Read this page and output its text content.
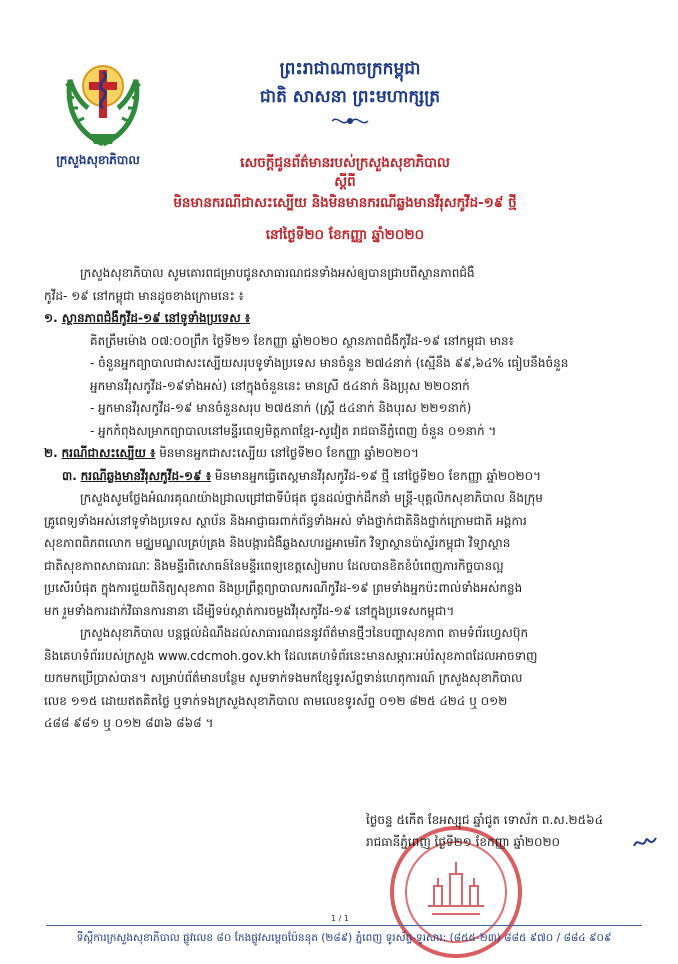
ក្រសួងសុខាភិបាល
ព្រះរាជាណាចក្រកម្ពុជា
ជាតិ សាសនា ព្រះមហាក្សត្រ
សេចក្តីជូនព័ត៌មានរបស់ក្រសួងសុខាភិបាល
ស្តីពី
មិនមានករណីជាសះស្បើយ និងមិនមានករណីឆ្លងមានវីរុសកូវីដ-១៩ ថ្មី
នៅថ្ងៃទី២០ ខែកញ្ញា ឆ្នាំ២០២០
ក្រសួងសុខាភិបាល សូមគោរពជម្រាបជូនសាធារណជនទាំងអស់ឲ្យបានជ្រាបពីស្ថានភាពជំងឺ
កូវីដ- ១៩ នៅកម្ពុជា មានដូចខាងក្រោមនេះ ៖
១. ស្ថានភាពជំងឺកូវីដ-១៩ នៅទូទាំងប្រទេស ៖
គិតត្រឹមម៉ោង ០៧:០០ព្រឹក ថ្ងៃទី២១ ខែកញ្ញា ឆ្នាំ២០២០ ស្ថានភាពជំងឺកូវីដ-១៩ នៅកម្ពុជា មាន៖
- ចំនួនអ្នកព្យាបាលជាសះស្បើយសរុបទូទាំងប្រទេស មានចំនួន ២៧៤នាក់ (ស្មើនឹង ៩៩,៦៤% ធៀបនឹងចំនួន
អ្នកមានវីរុសកូវីដ-១៩ទាំងអស់) នៅក្នុងចំនួននេះ មានស្រី ៥៤នាក់ និងប្រុស ២២០នាក់
- អ្នកមានវីរុសកូវីដ-១៩ មានចំនួនសរុប ២៧៥នាក់ (ស្ត្រី ៥៤នាក់ និងបុរស ២២១នាក់)
- អ្នកកំពុងសម្រាកព្យាបាលនៅមន្ទីរពេទ្យមិត្តភាពខ្មែរ-សូវៀត រាជធានីភ្នំពេញ ចំនួន ០១នាក់ ។
២. ករណីជាសះស្បើយ ៖ មិនមានអ្នកជាសះស្បើយ នៅថ្ងៃទី២០ ខែកញ្ញា ឆ្នាំ២០២០។
៣. ករណីឆ្លងមានវីរុសកូវីដ-១៩ ៖ មិនមានអ្នកធ្វើតេស្តមានវីរុសកូវីដ-១៩ ថ្មី នៅថ្ងៃទី២០ ខែកញ្ញា ឆ្នាំ២០២០។
ក្រសួងសូមថ្លែងអំណរគុណយ៉ាងជ្រាលជ្រៅជាទីបំផុត ជូនដល់ថ្នាក់ដឹកនាំ មន្ត្រី-បុគ្គលិកសុខាភិបាល និងក្រុម
គ្រូពេទ្យទាំងអស់នៅទូទាំងប្រទេស ស្ថាប័ន និងអាជ្ញាធរពាក់ព័ន្ធទាំងអស់ ទាំងថ្នាក់ជាតិនិងថ្នាក់ក្រោមជាតិ អង្គការ
សុខភាពពិភពលោក មជ្ឈមណ្ឌលគ្រប់គ្រង និងបង្ការជំងឺឆ្លងសហរដ្ឋអាមេរិក វិទ្យាស្ថានប៉ាស្ទ័រកម្ពុជា វិទ្យាស្ថាន
ជាតិសុខភាពសាធារណៈ និងមន្ទីរពិសោធន៍នៃមន្ទីរពេទ្យខេត្តសៀមរាប ដែលបានខិតខំបំពេញភារកិច្ចបានល្អ
ប្រសើរបំផុត ក្នុងការជួយពិនិត្យសុខភាព និងប្រព្រឹត្តព្យាបាលករណីកូវីដ-១៩ ព្រមទាំងអ្នកប៉ះពាល់ទាំងអស់កន្លង
មក រួមទាំងការដាក់វិធានការនានា ដើម្បីទប់ស្កាត់ការចម្លងវីរុសកូវីដ-១៩ នៅក្នុងប្រទេសកម្ពុជា។
ក្រសួងសុខាភិបាល បន្តផ្តល់ដំណឹងដល់សាធារណជននូវព័ត៌មានថ្មីៗនៃបញ្ហាសុខភាព តាមទំព័រហ្វេសប៊ុក
និងគេហទំព័ររបស់ក្រសួង www.cdcmoh.gov.kh ដែលគេហទំព័រនេះមានសម្ភារៈអប់រំសុខភាពដែលអាចទាញ
យកមកប្រើប្រាស់បាន។ សម្រាប់ព័ត៌មានបន្ថែម សូមទាក់ទងមកខ្សែទូរស័ព្ទទាន់ហេតុការណ៍ ក្រសួងសុខាភិបាល
លេខ ១១៥ ដោយឥតគិតថ្លៃ ឬទាក់ទងក្រសួងសុខាភិបាល តាមលេខទូរស័ព្ទ ០១២ ៨២៥ ៤២៤ ឬ ០១២
៤៨៨ ៩៨១ ឬ ០១២ ៨៣៦ ៨៦៨ ។
ថ្ងៃចន្ទ ៥កើត ខែអស្សុជ ឆ្នាំជូត ទោស័ក ព.ស.២៥៦៤
រាជធានីភ្នំពេញ ថ្ងៃទី២១ ខែកញ្ញា ឆ្នាំ២០២០
1 / 1
ទីស្តីការក្រសួងសុខាភិបាល ផ្លូវលេខ ៨០ កែងផ្លូវសម្តេចប៉ែននុត (២៨៩) ភ្នំពេញ ទូរស័ព្ទ-ទូរសារ: (៨៥៥-២៣) ៨៨៥ ៩៧០ / ៨៨៤ ៩០៩
